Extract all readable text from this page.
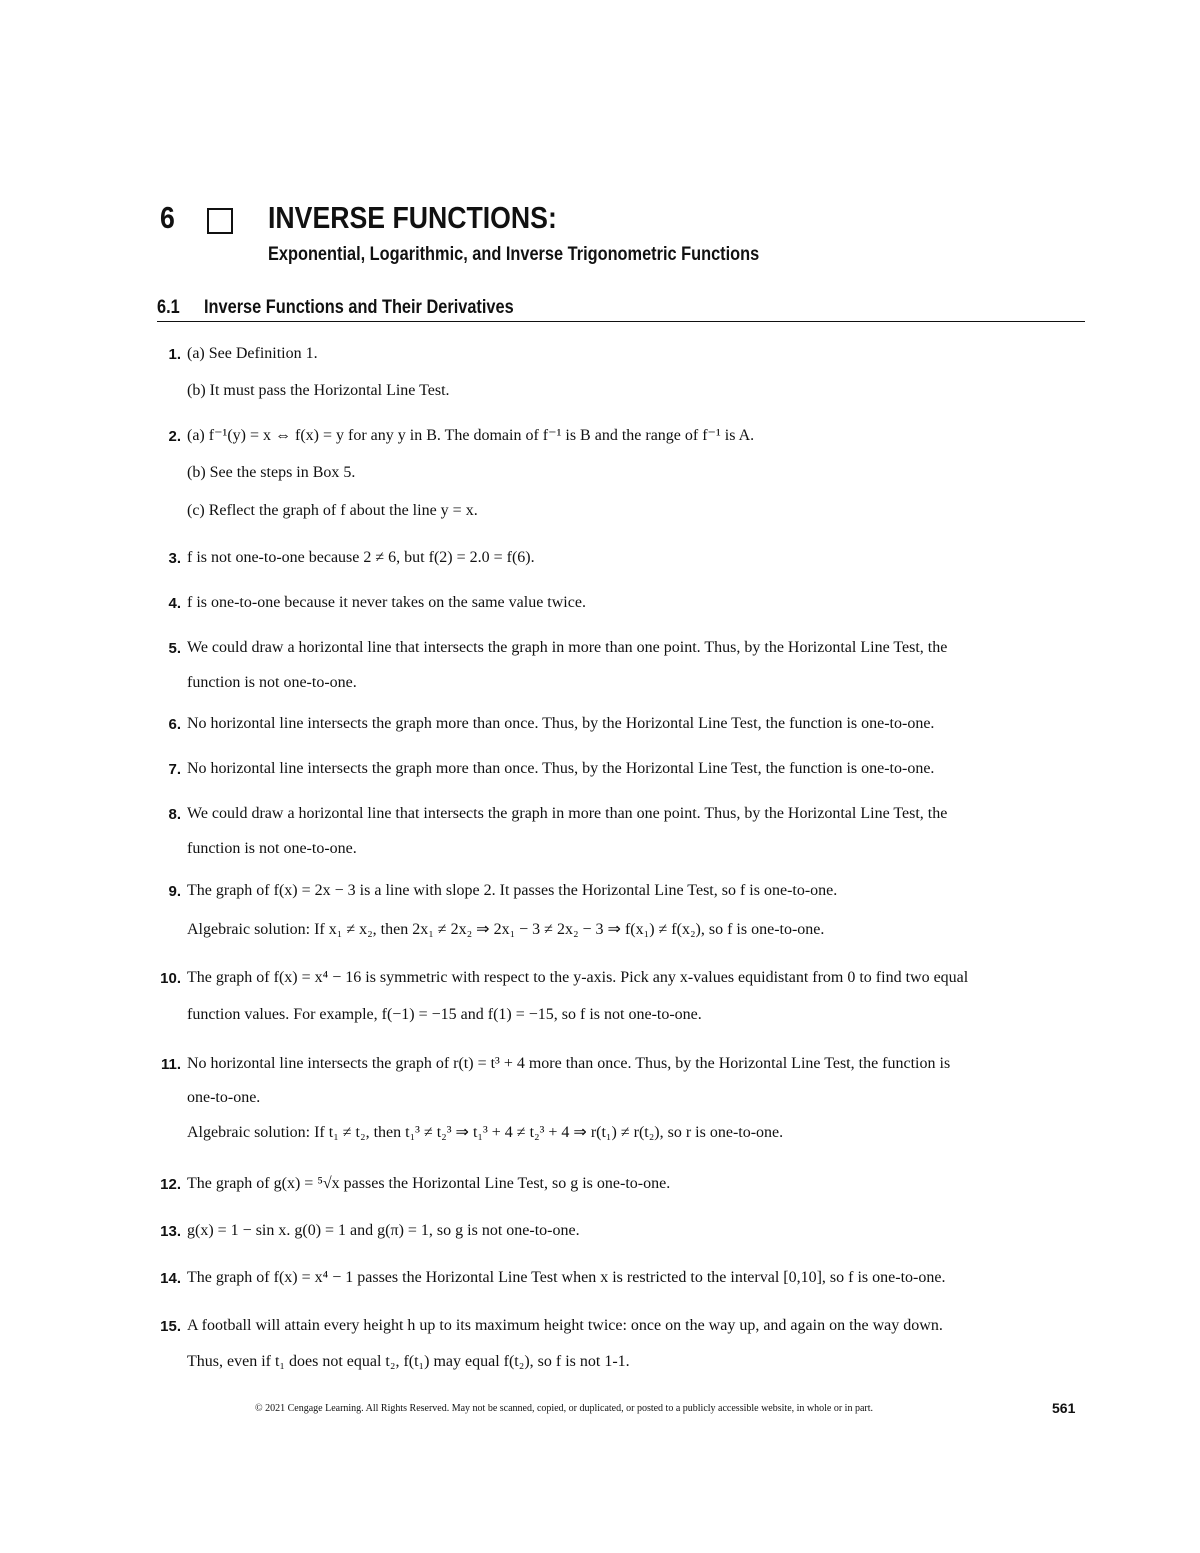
6	INVERSE FUNCTIONS:
Exponential, Logarithmic, and Inverse Trigonometric Functions
6.1 Inverse Functions and Their Derivatives
1. (a) See Definition 1.
(b) It must pass the Horizontal Line Test.
2. (a) f⁻¹(y) = x ⇔ f(x) = y for any y in B. The domain of f⁻¹ is B and the range of f⁻¹ is A.
(b) See the steps in Box 5.
(c) Reflect the graph of f about the line y = x.
3. f is not one-to-one because 2 ≠ 6, but f(2) = 2.0 = f(6).
4. f is one-to-one because it never takes on the same value twice.
5. We could draw a horizontal line that intersects the graph in more than one point. Thus, by the Horizontal Line Test, the
function is not one-to-one.
6. No horizontal line intersects the graph more than once. Thus, by the Horizontal Line Test, the function is one-to-one.
7. No horizontal line intersects the graph more than once. Thus, by the Horizontal Line Test, the function is one-to-one.
8. We could draw a horizontal line that intersects the graph in more than one point. Thus, by the Horizontal Line Test, the
function is not one-to-one.
9. The graph of f(x) = 2x − 3 is a line with slope 2. It passes the Horizontal Line Test, so f is one-to-one.
Algebraic solution: If x₁ ≠ x₂, then 2x₁ ≠ 2x₂ ⇒ 2x₁ − 3 ≠ 2x₂ − 3 ⇒ f(x₁) ≠ f(x₂), so f is one-to-one.
10. The graph of f(x) = x⁴ − 16 is symmetric with respect to the y-axis. Pick any x-values equidistant from 0 to find two equal
function values. For example, f(−1) = −15 and f(1) = −15, so f is not one-to-one.
11. No horizontal line intersects the graph of r(t) = t³ + 4 more than once. Thus, by the Horizontal Line Test, the function is
one-to-one.
Algebraic solution: If t₁ ≠ t₂, then t₁³ ≠ t₂³ ⇒ t₁³ + 4 ≠ t₂³ + 4 ⇒ r(t₁) ≠ r(t₂), so r is one-to-one.
12. The graph of g(x) = ⁵√x passes the Horizontal Line Test, so g is one-to-one.
13. g(x) = 1 − sin x. g(0) = 1 and g(π) = 1, so g is not one-to-one.
14. The graph of f(x) = x⁴ − 1 passes the Horizontal Line Test when x is restricted to the interval [0,10], so f is one-to-one.
15. A football will attain every height h up to its maximum height twice: once on the way up, and again on the way down.
Thus, even if t₁ does not equal t₂, f(t₁) may equal f(t₂), so f is not 1-1.
© 2021 Cengage Learning. All Rights Reserved. May not be scanned, copied, or duplicated, or posted to a publicly accessible website, in whole or in part.	561
